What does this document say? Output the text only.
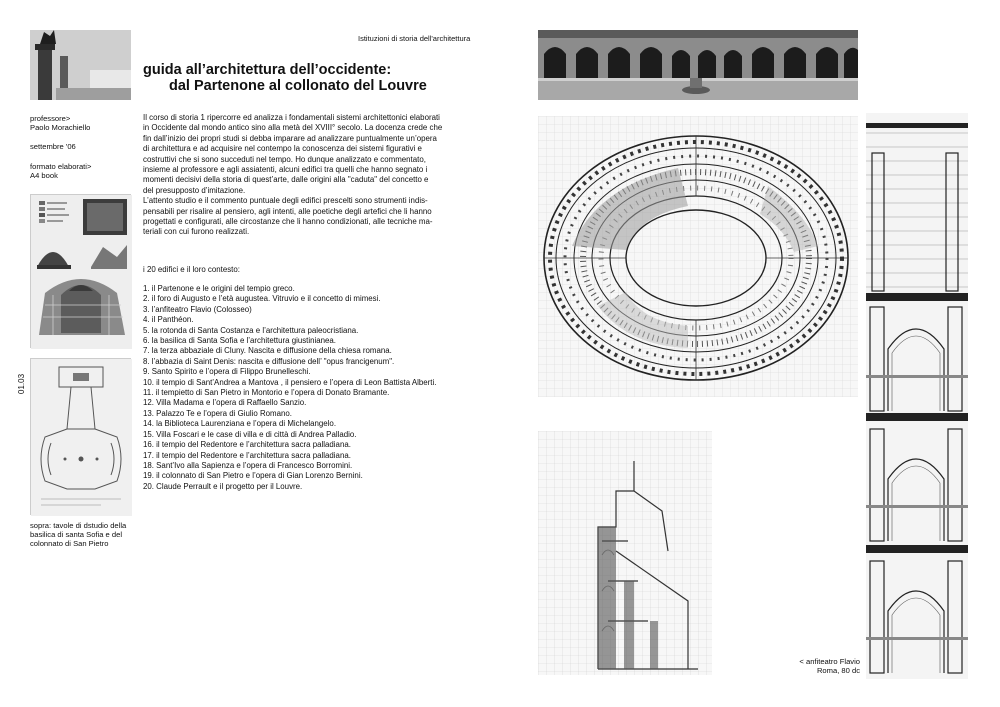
Istituzioni di storia dell'architettura
guida all’architettura dell’occidente:
dal Partenone al collonato del Louvre
professore>
Paolo Morachiello
settembre '06
formato elaborati>
A4 book
01.03
sopra: tavole di dstudio della
basilica di santa Sofia e del
colonnato di San Pietro
Il corso di storia 1 ripercorre ed analizza i fondamentali sistemi architettonici elaborati
in Occidente dal mondo antico sino alla metà del XVIII° secolo. La docenza crede che
fin dall’inizio dei propri studi si debba imparare ad analizzare puntualmente un’opera
di architettura e ad acquisire nel contempo la conoscenza dei sistemi figurativi e
costruttivi che si sono succeduti nel tempo. Ho dunque analizzato e commentato,
insieme al professore e agli assiatenti, alcuni edifici tra quelli che hanno segnato i
momenti decisivi della storia di quest’arte, dalle origini alla "caduta" del concetto e
del presupposto d’imitazione.
L’attento studio e il commento puntuale degli edifici prescelti sono strumenti indis-
pensabili per risalire al pensiero, agli intenti, alle poetiche degli artefici che li hanno
progettati e configurati, alle circostanze che li hanno condizionati, alle tecniche ma-
teriali con cui furono realizzati.
i 20 edifici e il loro contesto:
1. il Partenone e le origini del tempio greco.
2. il foro di Augusto e l’età augustea. Vitruvio e il concetto di mimesi.
3. l’anfiteatro Flavio (Colosseo)
4. il Panthéon.
5. la rotonda di Santa Costanza e l’architettura paleocristiana.
6. la basilica di Santa Sofia e l’architettura giustinianea.
7. la terza abbaziale di Cluny. Nascita e diffusione della chiesa romana.
8. l’abbazia di Saint Denis: nascita e diffusione dell’ "opus francigenum".
9. Santo Spirito e l’opera di Filippo Brunelleschi.
10. il tempio di Sant’Andrea a Mantova , il pensiero e l’opera di Leon Battista Alberti.
11. il tempietto di San Pietro in Montorio e l’opera di Donato Bramante.
12. Villa Madama e l’opera di Raffaello Sanzio.
13. Palazzo Te e l’opera di Giulio Romano.
14. la Biblioteca Laurenziana e l’opera di Michelangelo.
15. Villa Foscari e le case di villa e di città di Andrea Palladio.
16. il tempio del Redentore e l’architettura sacra palladiana.
17. il tempio del Redentore e l’architettura sacra palladiana.
18. Sant’Ivo alla Sapienza e l’opera di Francesco Borromini.
19. il colonnato di San Pietro e l’opera di Gian Lorenzo Bernini.
20. Claude Perrault e il progetto per il Louvre.
< anfiteatro Flavio
Roma, 80 dc
